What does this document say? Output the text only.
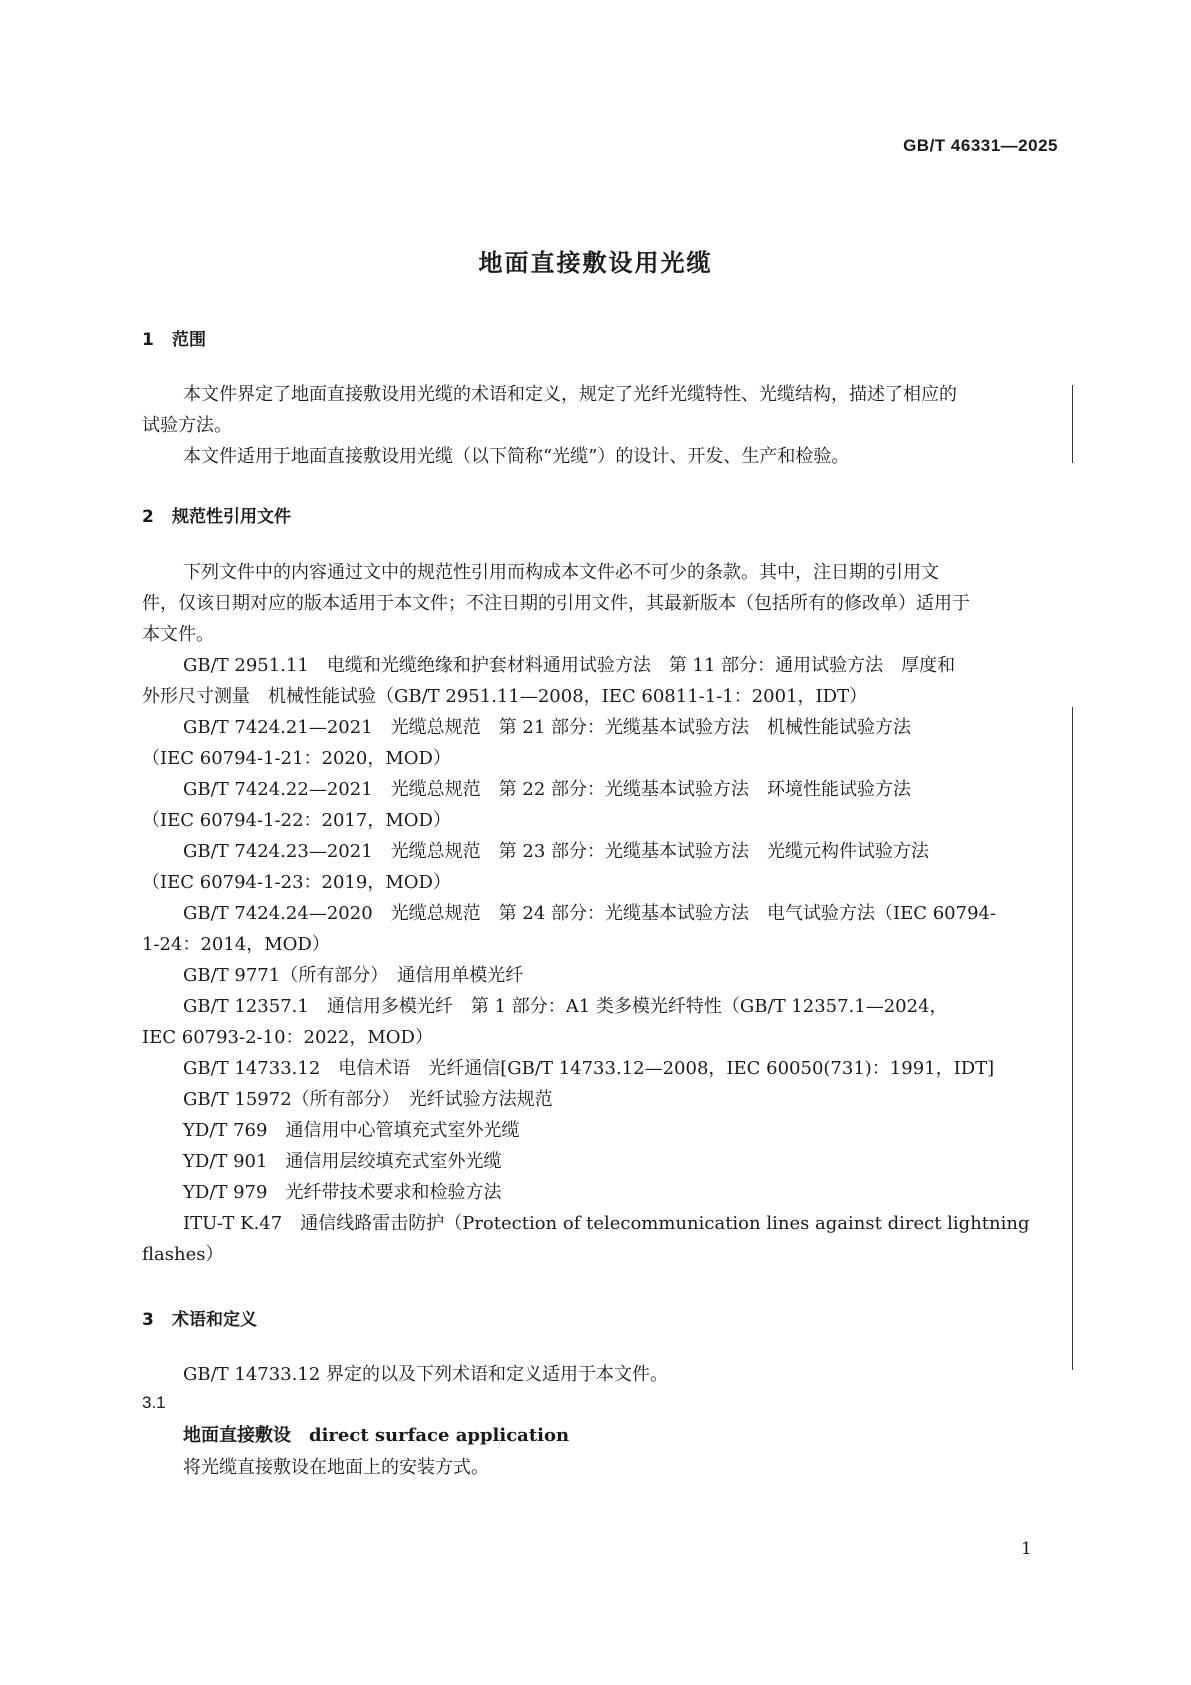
GB/T 46331—2025
地面直接敷设用光缆
1 范围
本文件界定了地面直接敷设用光缆的术语和定义，规定了光纤光缆特性、光缆结构，描述了相应的
试验方法。
本文件适用于地面直接敷设用光缆（以下简称“光缆”）的设计、开发、生产和检验。
2 规范性引用文件
下列文件中的内容通过文中的规范性引用而构成本文件必不可少的条款。其中，注日期的引用文
件，仅该日期对应的版本适用于本文件；不注日期的引用文件，其最新版本（包括所有的修改单）适用于
本文件。
GB/T 2951.11　电缆和光缆绝缘和护套材料通用试验方法　第 11 部分：通用试验方法　厚度和
外形尺寸测量　机械性能试验（GB/T 2951.11—2008，IEC 60811-1-1：2001，IDT）
GB/T 7424.21—2021　光缆总规范　第 21 部分：光缆基本试验方法　机械性能试验方法
（IEC 60794-1-21：2020，MOD）
GB/T 7424.22—2021　光缆总规范　第 22 部分：光缆基本试验方法　环境性能试验方法
（IEC 60794-1-22：2017，MOD）
GB/T 7424.23—2021　光缆总规范　第 23 部分：光缆基本试验方法　光缆元构件试验方法
（IEC 60794-1-23：2019，MOD）
GB/T 7424.24—2020　光缆总规范　第 24 部分：光缆基本试验方法　电气试验方法（IEC 60794-
1-24：2014，MOD）
GB/T 9771（所有部分）　通信用单模光纤
GB/T 12357.1　通信用多模光纤　第 1 部分：A1 类多模光纤特性（GB/T 12357.1—2024，
IEC 60793-2-10：2022，MOD）
GB/T 14733.12　电信术语　光纤通信[GB/T 14733.12—2008，IEC 60050(731)：1991，IDT]
GB/T 15972（所有部分）　光纤试验方法规范
YD/T 769　通信用中心管填充式室外光缆
YD/T 901　通信用层绞填充式室外光缆
YD/T 979　光纤带技术要求和检验方法
ITU-T K.47　通信线路雷击防护（Protection of telecommunication lines against direct lightning
flashes）
3 术语和定义
GB/T 14733.12 界定的以及下列术语和定义适用于本文件。
3.1
地面直接敷设　direct surface application
将光缆直接敷设在地面上的安装方式。
1
